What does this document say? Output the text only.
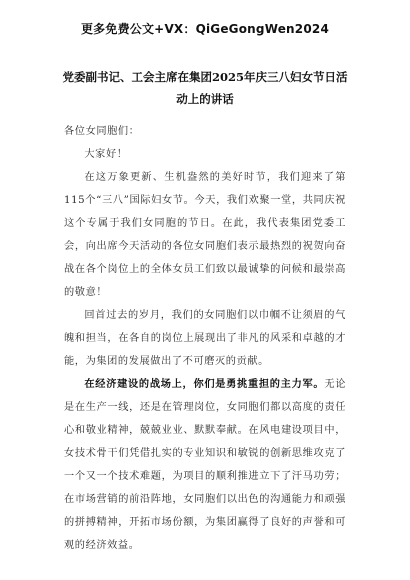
更多免费公文+VX：QiGeGongWen2024
党委副书记、工会主席在集团2025年庆三八妇女节日活动上的讲话

各位女同胞们：

大家好！

在这万象更新、生机盎然的美好时节，我们迎来了第115个“三八”国际妇女节。今天，我们欢聚一堂，共同庆祝这个专属于我们女同胞的节日。在此，我代表集团党委工会，向出席今天活动的各位女同胞们表示最热烈的祝贺向奋战在各个岗位上的全体女员工们致以最诚挚的问候和最崇高的敬意！

回首过去的岁月，我们的女同胞们以巾帼不让须眉的气魄和担当，在各自的岗位上展现出了非凡的风采和卓越的才能，为集团的发展做出了不可磨灭的贡献。

在经济建设的战场上，你们是勇挑重担的主力军。无论是在生产一线，还是在管理岗位，女同胞们都以高度的责任心和敬业精神，兢兢业业、默默奉献。在风电建设项目中，女技术骨干们凭借扎实的专业知识和敏锐的创新思维攻克了一个又一个技术难题，为项目的顺利推进立下了汗马功劳；在市场营销的前沿阵地，女同胞们以出色的沟通能力和顽强的拼搏精神，开拓市场份额，为集团赢得了良好的声誉和可观的经济效益。
